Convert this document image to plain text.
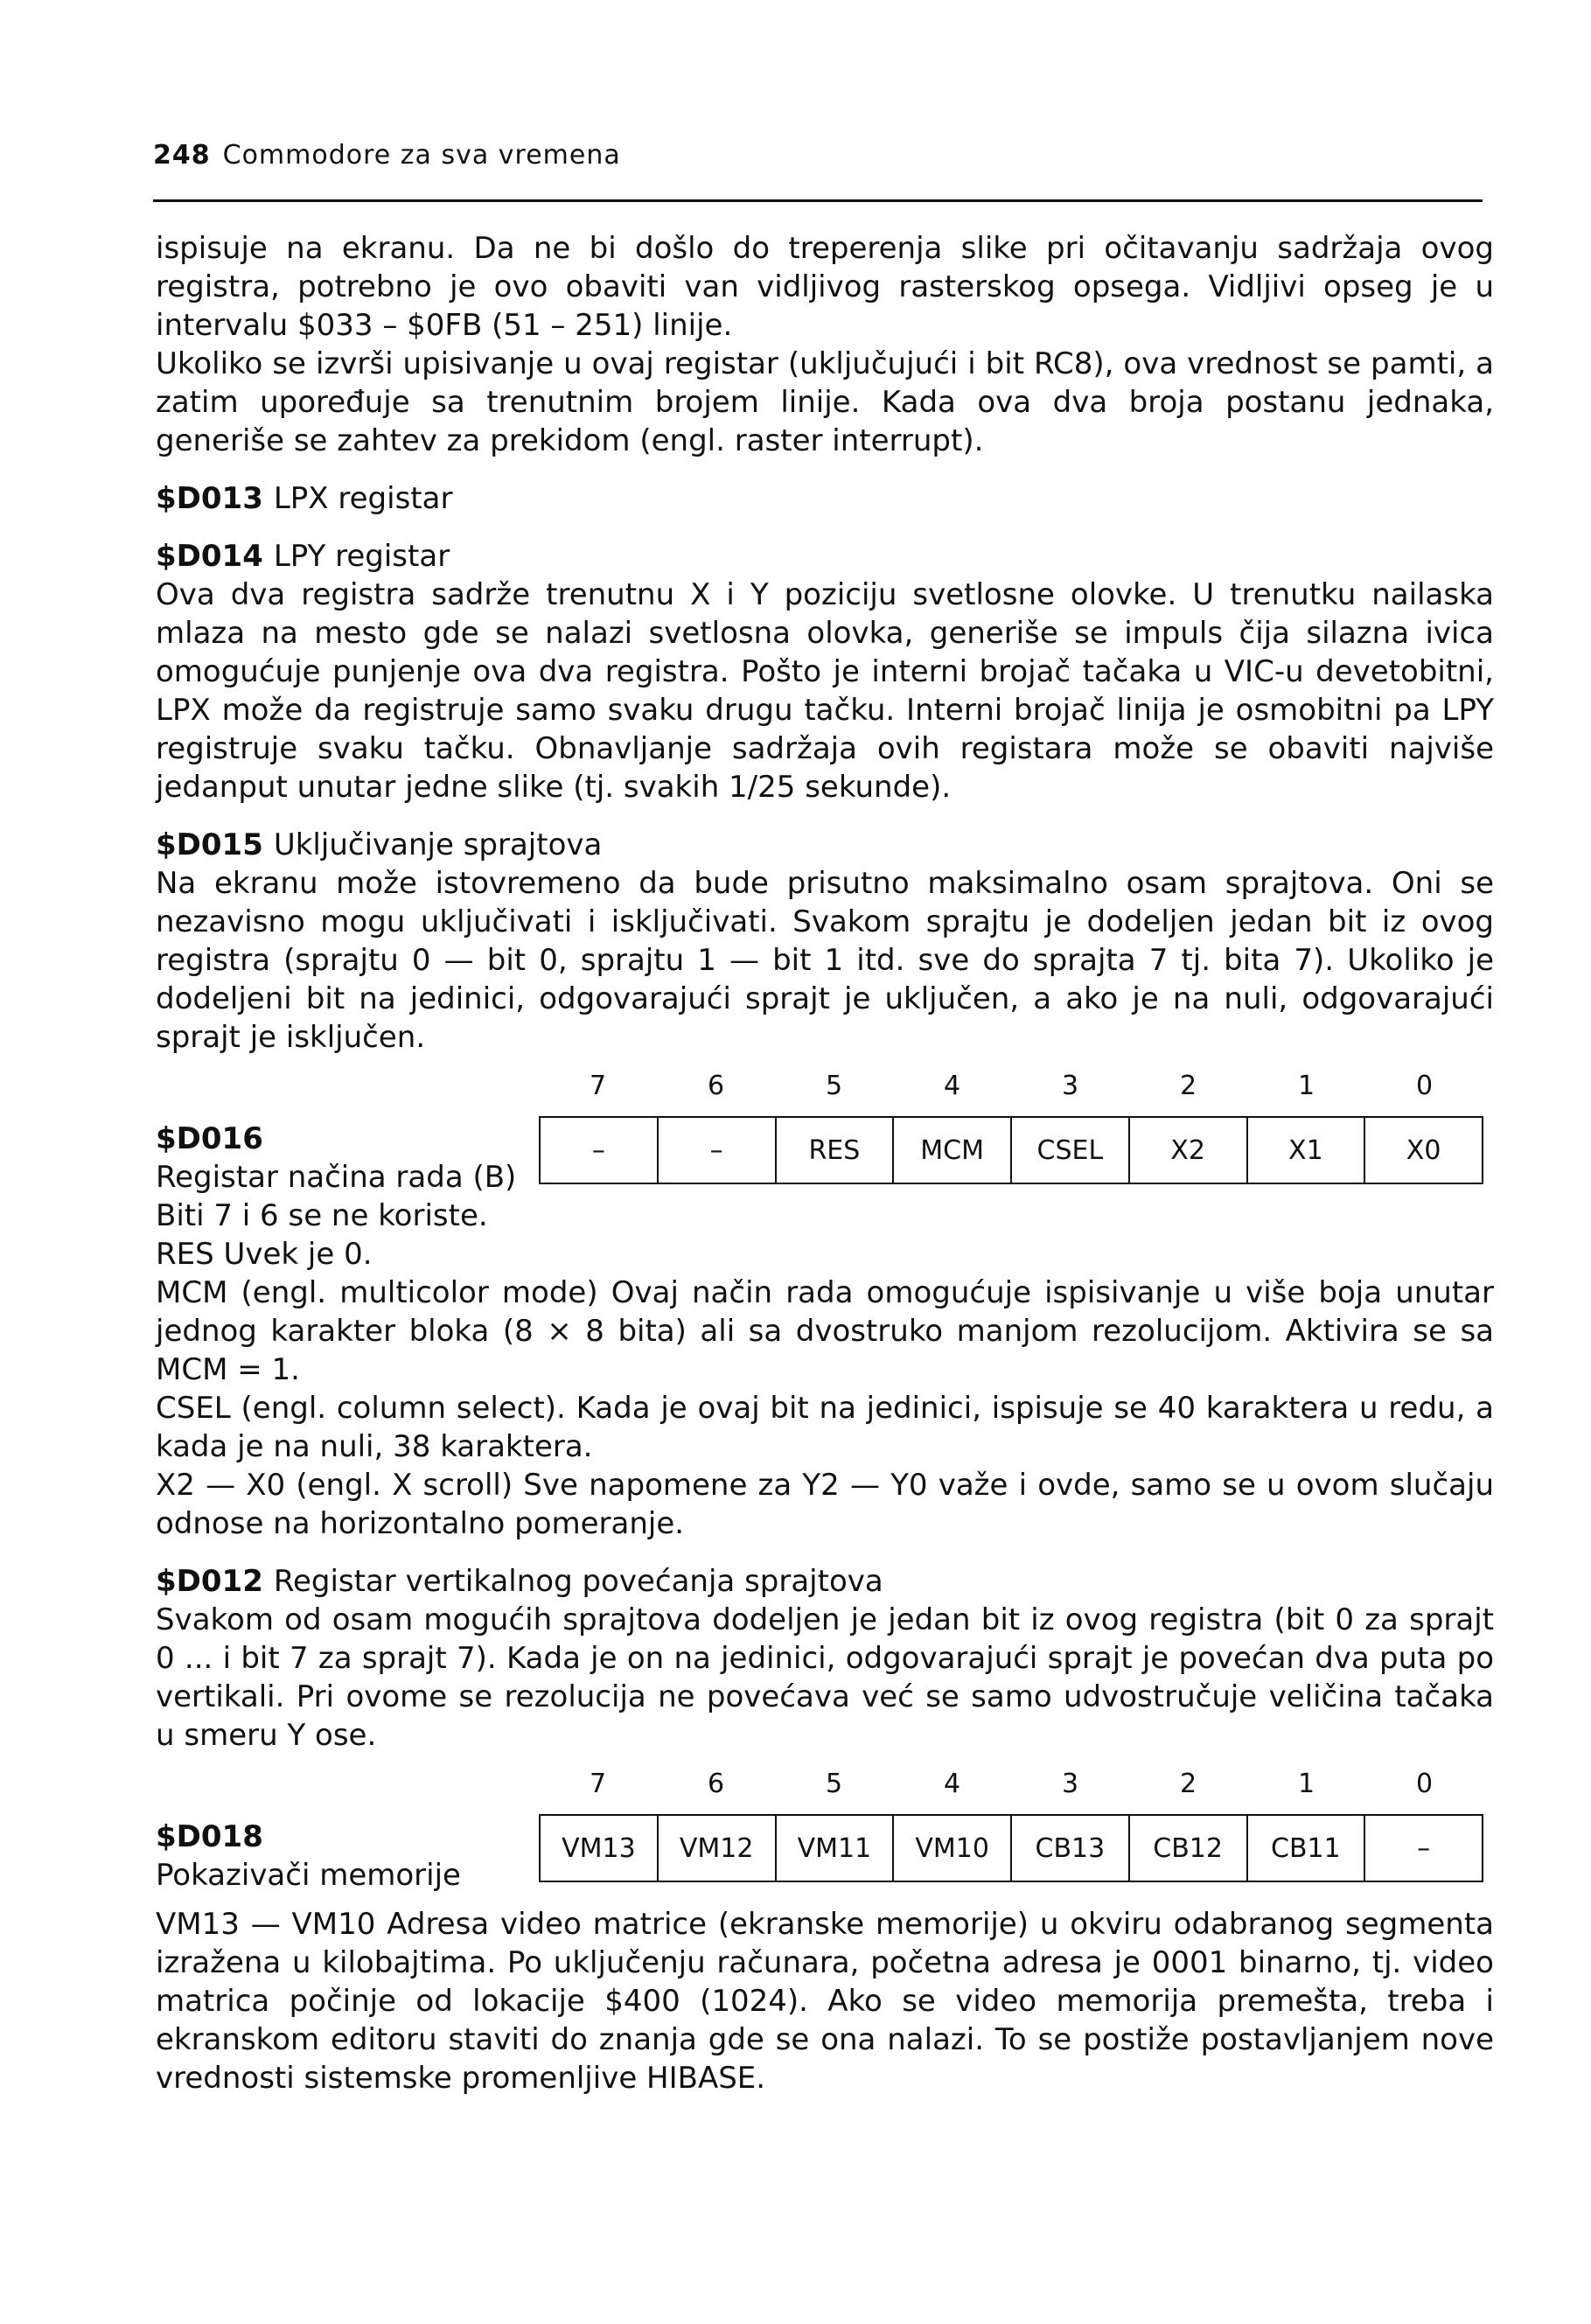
248 Commodore za sva vremena

ispisuje na ekranu. Da ne bi došlo do treperenja slike pri očitavanju sadržaja ovog registra, potrebno je ovo obaviti van vidljivog rasterskog opsega. Vidljivi opseg je u intervalu $033 – $0FB (51 – 251) linije.

Ukoliko se izvrši upisivanje u ovaj registar (uključujući i bit RC8), ova vrednost se pamti, a zatim upoređuje sa trenutnim brojem linije. Kada ova dva broja postanu jednaka, generiše se zahtev za prekidom (engl. raster interrupt).

$D013 LPX registar
$D014 LPY registar

Ova dva registra sadrže trenutnu X i Y poziciju svetlosne olovke. U trenutku nailaska mlaza na mesto gde se nalazi svetlosna olovka, generiše se impuls čija silazna ivica omogućuje punjenje ova dva registra. Pošto je interni brojač tačaka u VIC-u devetobitni, LPX može da registruje samo svaku drugu tačku. Interni brojač linija je osmobitni pa LPY registruje svaku tačku. Obnavljanje sadržaja ovih registara može se obaviti najviše jedanput unutar jedne slike (tj. svakih 1/25 sekunde).

$D015 Uključivanje sprajtova

Na ekranu može istovremeno da bude prisutno maksimalno osam sprajtova. Oni se nezavisno mogu uključivati i isključivati. Svakom sprajtu je dodeljen jedan bit iz ovog registra (sprajtu 0 — bit 0, sprajtu 1 — bit 1 itd. sve do sprajta 7 tj. bita 7). Ukoliko je dodeljeni bit na jedinici, odgovarajući sprajt je uključen, a ako je na nuli, odgovarajući sprajt je isključen.

$D016
Registar načina rada (B)
7	6	5	4	3	2	1	0
–	–	RES	MCM	CSEL	X2	X1	X0

Biti 7 i 6 se ne koriste.

RES Uvek je 0.

MCM (engl. multicolor mode) Ovaj način rada omogućuje ispisivanje u više boja unutar jednog karakter bloka (8 × 8 bita) ali sa dvostruko manjom rezolucijom. Aktivira se sa MCM = 1.

CSEL (engl. column select). Kada je ovaj bit na jedinici, ispisuje se 40 karaktera u redu, a kada je na nuli, 38 karaktera.

X2 — X0 (engl. X scroll) Sve napomene za Y2 — Y0 važe i ovde, samo se u ovom slučaju odnose na horizontalno pomeranje.

$D012 Registar vertikalnog povećanja sprajtova

Svakom od osam mogućih sprajtova dodeljen je jedan bit iz ovog registra (bit 0 za sprajt 0 ... i bit 7 za sprajt 7). Kada je on na jedinici, odgovarajući sprajt je povećan dva puta po vertikali. Pri ovome se rezolucija ne povećava već se samo udvostručuje veličina tačaka u smeru Y ose.

$D018
Pokazivači memorije
7	6	5	4	3	2	1	0
VM13	VM12	VM11	VM10	CB13	CB12	CB11	–

VM13 — VM10 Adresa video matrice (ekranske memorije) u okviru odabranog segmenta izražena u kilobajtima. Po uključenju računara, početna adresa je 0001 binarno, tj. video matrica počinje od lokacije $400 (1024). Ako se video memorija premešta, treba i ekranskom editoru staviti do znanja gde se ona nalazi. To se postiže postavljanjem nove vrednosti sistemske promenljive HIBASE.
